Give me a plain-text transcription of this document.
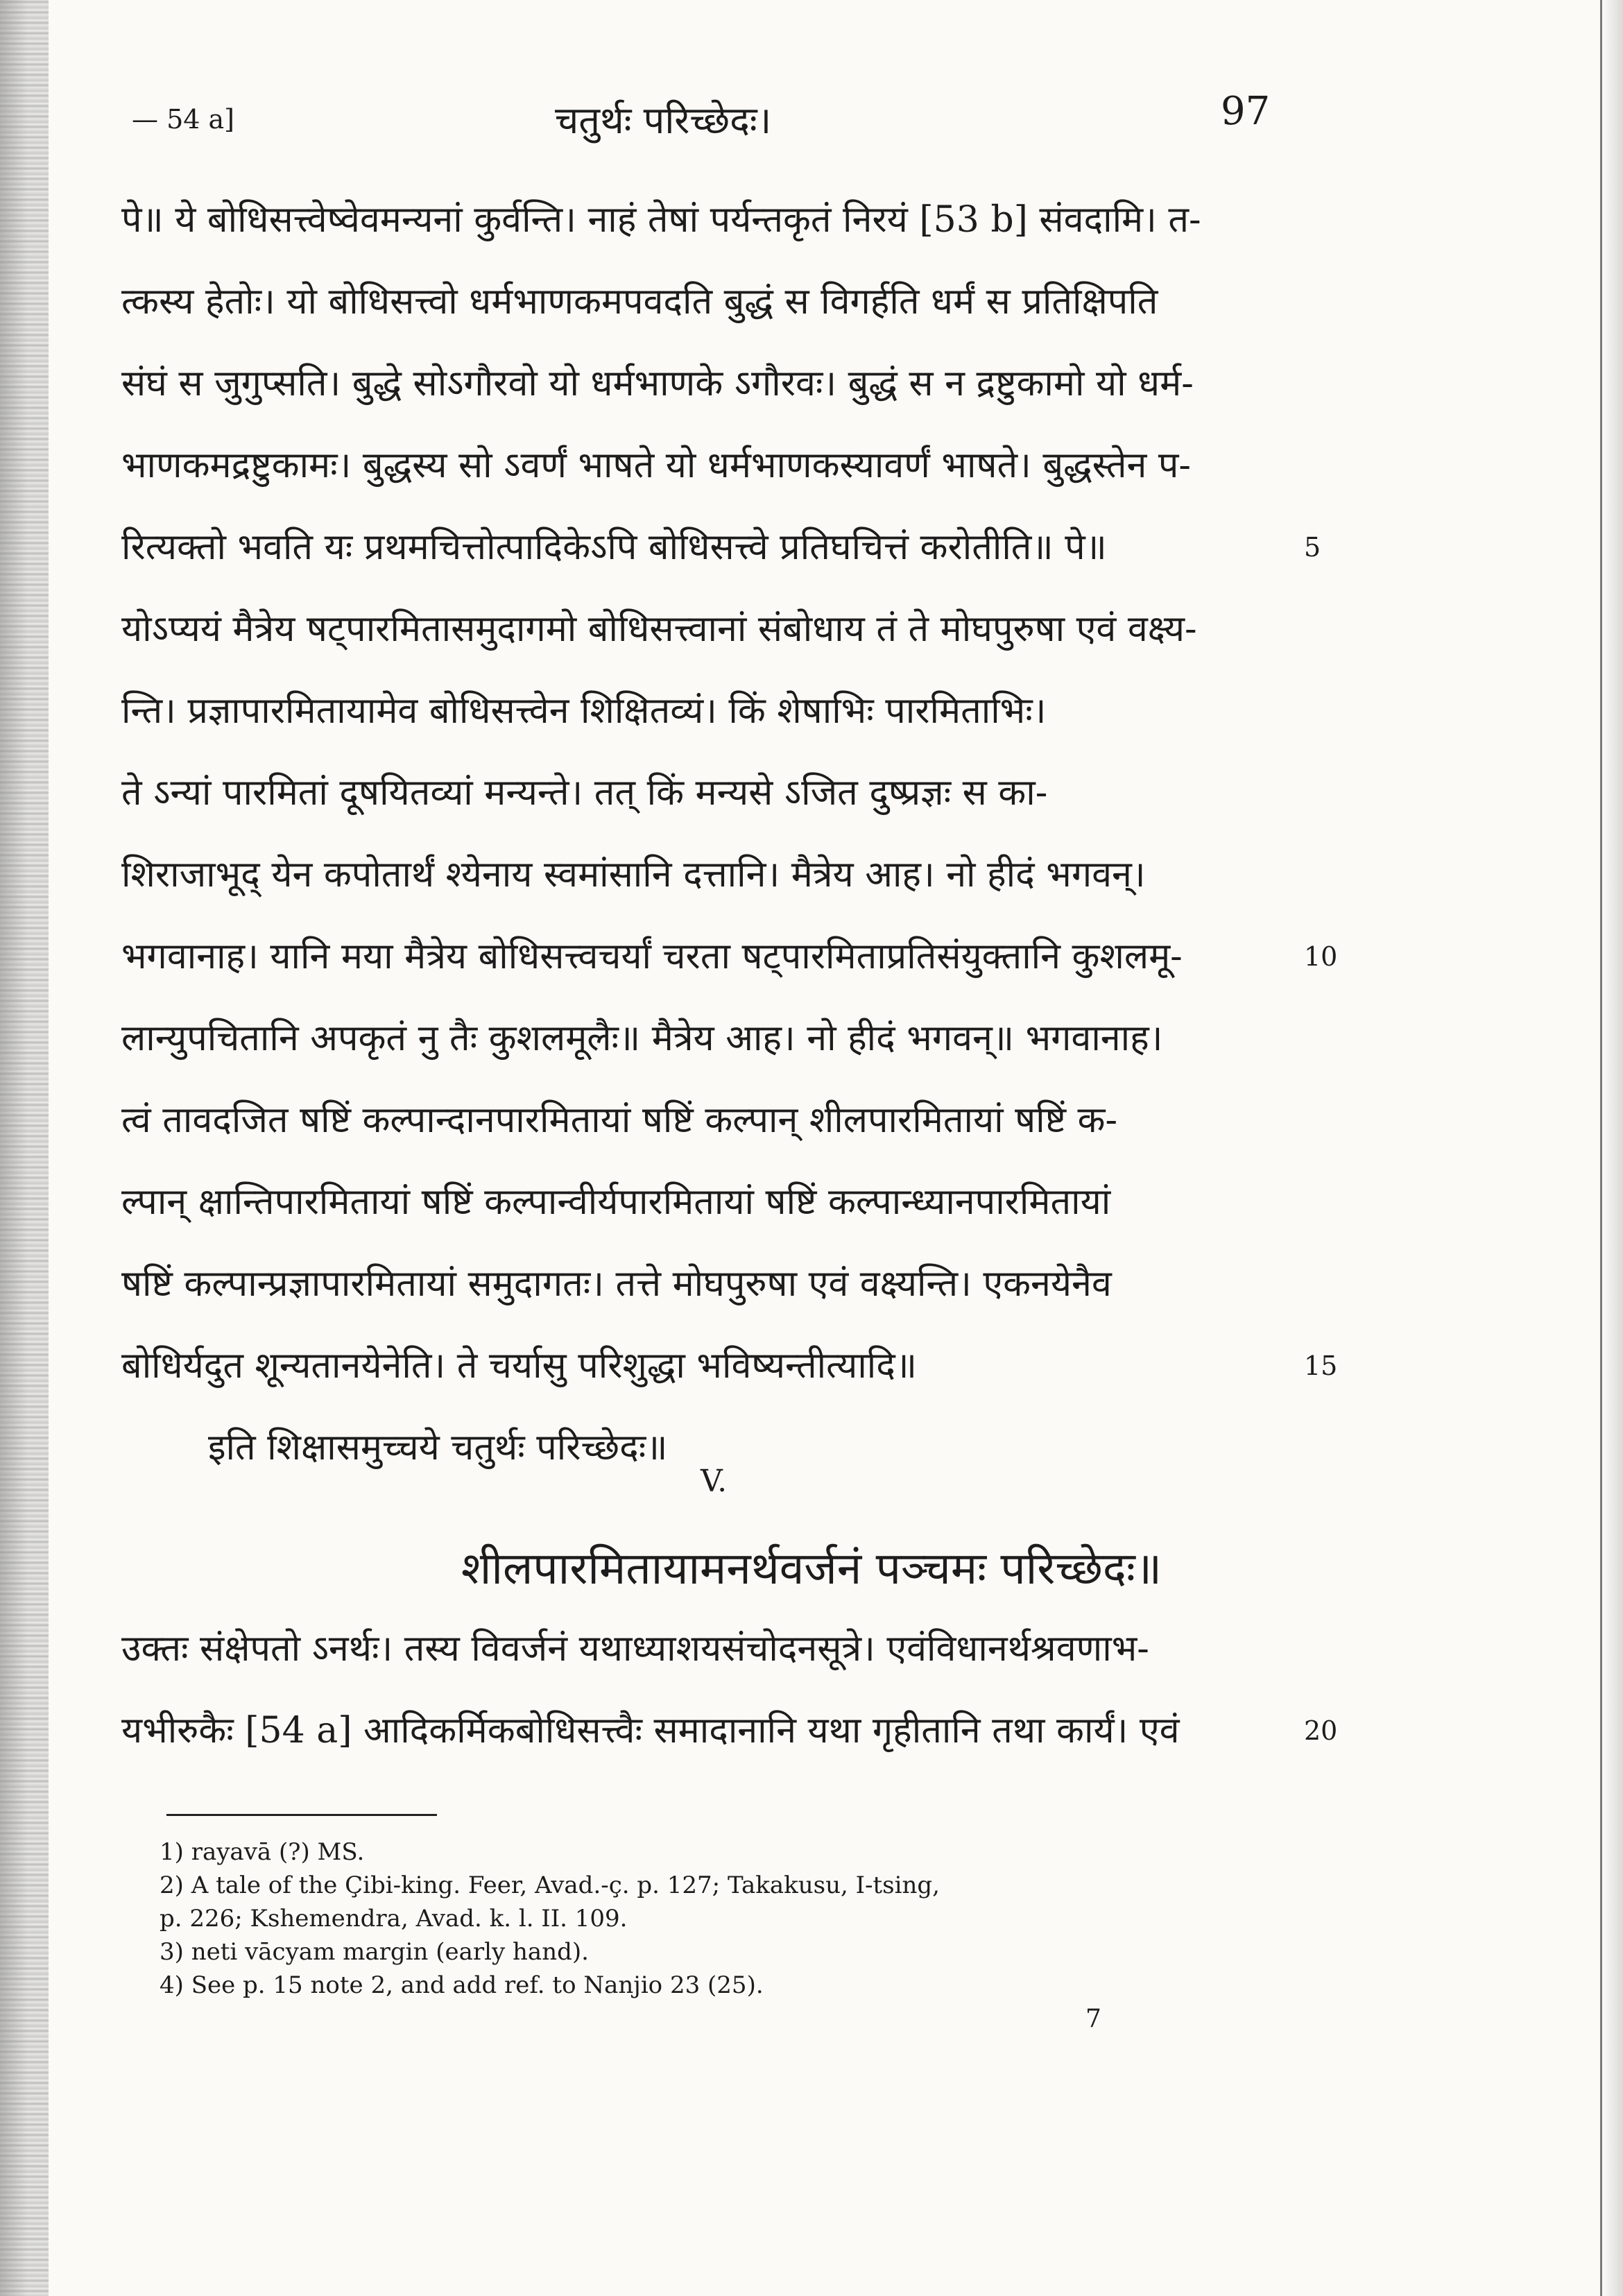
— 54 a]	चतुर्थः परिच्छेदः।	97
पे॥ ये बोधिसत्त्वेष्वेवमन्यनां कुर्वन्ति। नाहं तेषां पर्यन्तकृतं निरयं [53 b] संवदामि। त-
त्कस्य हेतोः। यो बोधिसत्त्वो धर्मभाणकमपवदति बुद्धं स विगर्हति धर्मं स प्रतिक्षिपति
संघं स जुगुप्सति। बुद्धे सोऽगौरवो यो धर्मभाणके ऽगौरवः। बुद्धं स न द्रष्टुकामो यो धर्म-
भाणकमद्रष्टुकामः। बुद्धस्य सो ऽवर्णं भाषते यो धर्मभाणकस्यावर्णं भाषते। बुद्धस्तेन प-
रित्यक्तो भवति यः प्रथमचित्तोत्पादिकेऽपि बोधिसत्त्वे प्रतिघचित्तं करोतीति॥ पे॥	5
योऽप्ययं मैत्रेय षट्पारमितासमुदागमो बोधिसत्त्वानां संबोधाय तं ते मोघपुरुषा एवं वक्ष्य-
न्ति। प्रज्ञापारमितायामेव बोधिसत्त्वेन शिक्षितव्यं। किं शेषाभिः पारमिताभिः।
ते ऽन्यां पारमितां दूषयितव्यां मन्यन्ते। तत् किं मन्यसे ऽजित दुष्प्रज्ञः स का-
शिराजाभूद् येन कपोतार्थं श्येनाय स्वमांसानि दत्तानि। मैत्रेय आह। नो हीदं भगवन्।
भगवानाह। यानि मया मैत्रेय बोधिसत्त्वचर्यां चरता षट्पारमिताप्रतिसंयुक्तानि कुशलमू-	10
लान्युपचितानि अपकृतं नु तैः कुशलमूलैः॥ मैत्रेय आह। नो हीदं भगवन्॥ भगवानाह।
त्वं तावदजित षष्टिं कल्पान्दानपारमितायां षष्टिं कल्पान् शीलपारमितायां षष्टिं क-
ल्पान् क्षान्तिपारमितायां षष्टिं कल्पान्वीर्यपारमितायां षष्टिं कल्पान्ध्यानपारमितायां
षष्टिं कल्पान्प्रज्ञापारमितायां समुदागतः। तत्ते मोघपुरुषा एवं वक्ष्यन्ति। एकनयेनैव
बोधिर्यदुत शून्यतानयेनेति। ते चर्यासु परिशुद्धा भविष्यन्तीत्यादि॥	15
इति शिक्षासमुच्चये चतुर्थः परिच्छेदः॥
V.
शीलपारमितायामनर्थवर्जनं पञ्चमः परिच्छेदः॥
उक्तः संक्षेपतो ऽनर्थः। तस्य विवर्जनं यथाध्याशयसंचोदनसूत्रे। एवंविधानर्थश्रवणाभ-
यभीरुकैः [54 a] आदिकर्मिकबोधिसत्त्वैः समादानानि यथा गृहीतानि तथा कार्यं। एवं	20
1) rayavā (?) MS.
2) A tale of the Çibi-king. Feer, Avad.-ç. p. 127; Takakusu, I-tsing,
p. 226; Kshemendra, Avad. k. l. II. 109.
3) neti vācyam margin (early hand).
4) See p. 15 note 2, and add ref. to Nanjio 23 (25).
7
